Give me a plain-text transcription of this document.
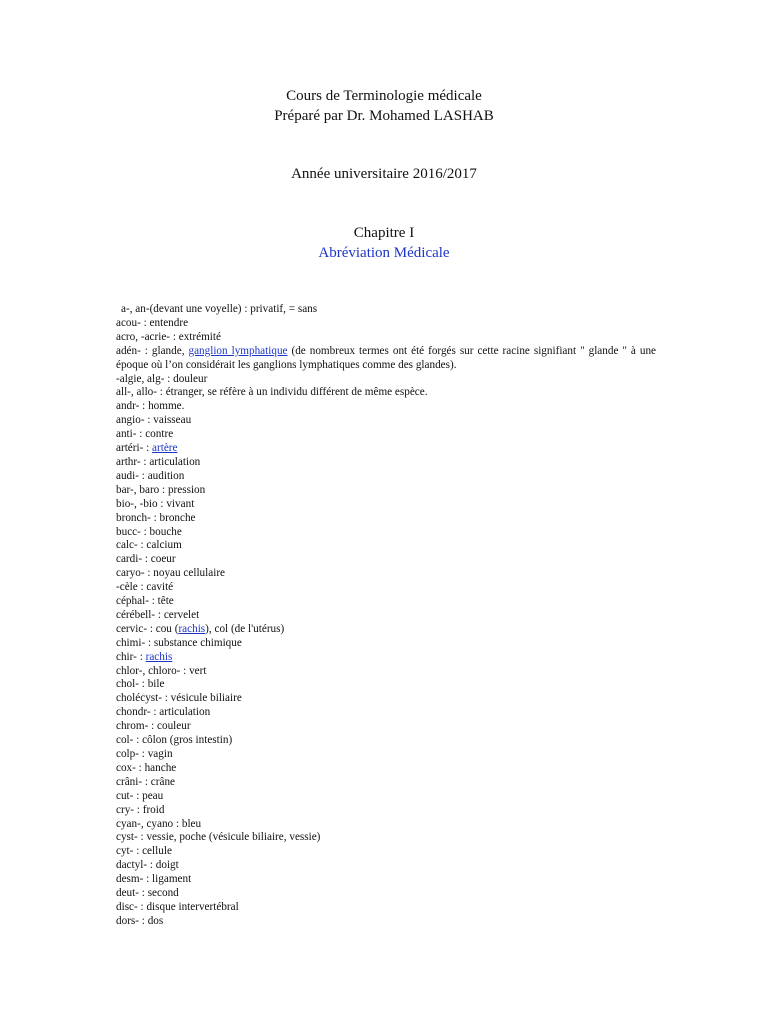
Cours de Terminologie médicale
Préparé par Dr. Mohamed LASHAB
Année universitaire 2016/2017
Chapitre I
Abréviation Médicale
a-, an-(devant une voyelle) : privatif, = sans
acou- : entendre
acro, -acrie- : extrémité
adén- : glande, ganglion lymphatique (de nombreux termes ont été forgés sur cette racine signifiant " glande " à une époque où l’on considérait les ganglions lymphatiques comme des glandes).
-algie, alg- : douleur
all-, allo- : étranger, se réfère à un individu différent de même espèce.
andr- : homme.
angio- : vaisseau
anti- : contre
artéri- : artère
arthr- : articulation
audi- : audition
bar-, baro : pression
bio-, -bio : vivant
bronch- : bronche
bucc- : bouche
calc- : calcium
cardi- : coeur
caryo- : noyau cellulaire
-cèle : cavité
céphal- : tête
cérébell- : cervelet
cervic- : cou (rachis), col (de l'utérus)
chimi- : substance chimique
chir- : rachis
chlor-, chloro- : vert
chol- : bile
cholécyst- : vésicule biliaire
chondr- : articulation
chrom- : couleur
col- : côlon (gros intestin)
colp- : vagin
cox- : hanche
crâni- : crâne
cut- : peau
cry- : froid
cyan-, cyano : bleu
cyst- : vessie, poche (vésicule biliaire, vessie)
cyt- : cellule
dactyl- : doigt
desm- : ligament
deut- : second
disc- : disque intervertébral
dors- : dos
